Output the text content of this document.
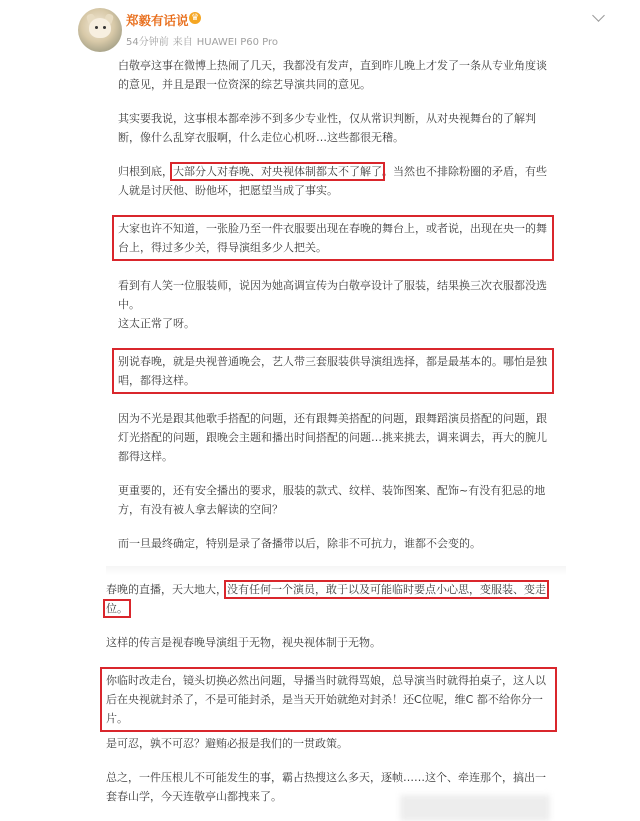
郑毅有话说 ♛
54分钟前 来自 HUAWEI P60 Pro

白敬亭这事在微博上热闹了几天，我都没有发声，直到昨儿晚上才发了一条从专业角度谈的意见，并且是跟一位资深的综艺导演共同的意见。

其实要我说，这事根本都牵涉不到多少专业性，仅从常识判断，从对央视舞台的了解判断，像什么乱穿衣服啊，什么走位心机呀…这些都很无稽。

归根到底，大部分人对春晚、对央视体制都太不了解了。当然也不排除粉圈的矛盾，有些人就是讨厌他、盼他坏，把愿望当成了事实。

大家也许不知道，一张脸乃至一件衣服要出现在春晚的舞台上，或者说，出现在央一的舞台上，得过多少关，得导演组多少人把关。

看到有人笑一位服装师，说因为她高调宣传为白敬亭设计了服装，结果换三次衣服都没选中。
这太正常了呀。

别说春晚，就是央视普通晚会，艺人带三套服装供导演组选择，都是最基本的。哪怕是独唱，都得这样。

因为不光是跟其他歌手搭配的问题，还有跟舞美搭配的问题，跟舞蹈演员搭配的问题，跟灯光搭配的问题，跟晚会主题和播出时间搭配的问题…挑来挑去，调来调去，再大的腕儿都得这样。

更重要的，还有安全播出的要求，服装的款式、纹样、装饰图案、配饰~有没有犯忌的地方，有没有被人拿去解读的空间？

而一旦最终确定，特别是录了备播带以后，除非不可抗力，谁都不会变的。

春晚的直播，天大地大，没有任何一个演员，敢于以及可能临时要点小心思，变服装、变走位。

这样的传言是视春晚导演组于无物，视央视体制于无物。

你临时改走台，镜头切换必然出问题，导播当时就得骂娘，总导演当时就得拍桌子，这人以后在央视就封杀了，不是可能封杀，是当天开始就绝对封杀！还C位呢，维C 都不给你分一片。

是可忍，孰不可忍？避贿必报是我们的一贯政策。

总之，一件压根儿不可能发生的事，霸占热搜这么多天，逐帧……这个、牵连那个，搞出一套春山学，今天连敬亭山都拽来了。
